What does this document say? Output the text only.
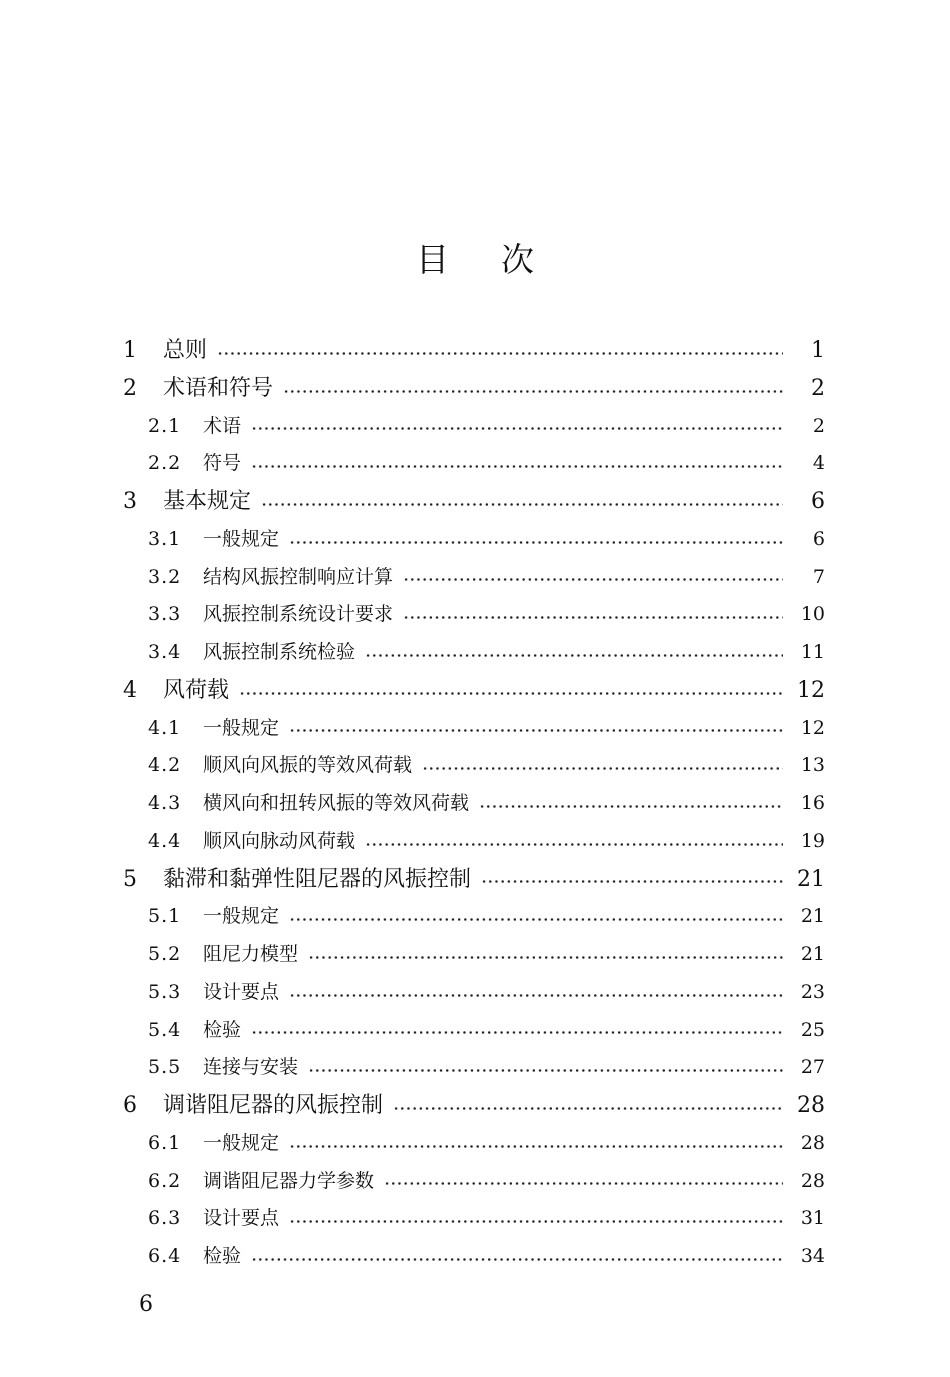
目 次
1	总则	1
2	术语和符号	2
2.1	术语	2
2.2	符号	4
3	基本规定	6
3.1	一般规定	6
3.2	结构风振控制响应计算	7
3.3	风振控制系统设计要求	10
3.4	风振控制系统检验	11
4	风荷载	12
4.1	一般规定	12
4.2	顺风向风振的等效风荷载	13
4.3	横风向和扭转风振的等效风荷载	16
4.4	顺风向脉动风荷载	19
5	黏滞和黏弹性阻尼器的风振控制	21
5.1	一般规定	21
5.2	阻尼力模型	21
5.3	设计要点	23
5.4	检验	25
5.5	连接与安装	27
6	调谐阻尼器的风振控制	28
6.1	一般规定	28
6.2	调谐阻尼器力学参数	28
6.3	设计要点	31
6.4	检验	34
6
